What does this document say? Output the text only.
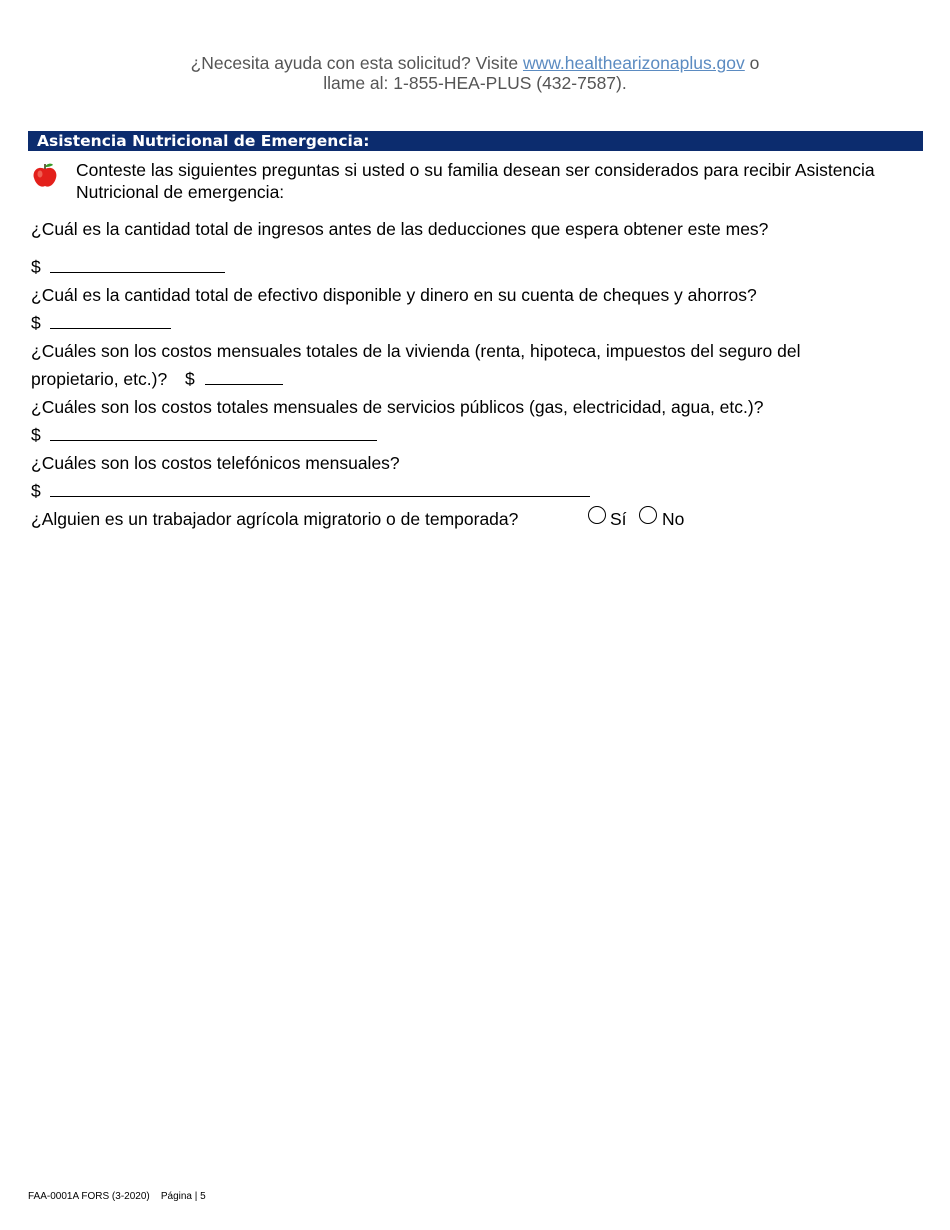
¿Necesita ayuda con esta solicitud? Visite www.healthearizonaplus.gov o
llame al: 1-855-HEA-PLUS (432-7587).
Asistencia Nutricional de Emergencia:
Conteste las siguientes preguntas si usted o su familia desean ser considerados para recibir Asistencia Nutricional de emergencia:
¿Cuál es la cantidad total de ingresos antes de las deducciones que espera obtener este mes?
$
¿Cuál es la cantidad total de efectivo disponible y dinero en su cuenta de cheques y ahorros?
$
¿Cuáles son los costos mensuales totales de la vivienda (renta, hipoteca, impuestos del seguro del
propietario, etc.)? $
¿Cuáles son los costos totales mensuales de servicios públicos (gas, electricidad, agua, etc.)?
$
¿Cuáles son los costos telefónicos mensuales?
$
¿Alguien es un trabajador agrícola migratorio o de temporada?	Sí No
FAA-0001A FORS (3-2020) Página | 5
